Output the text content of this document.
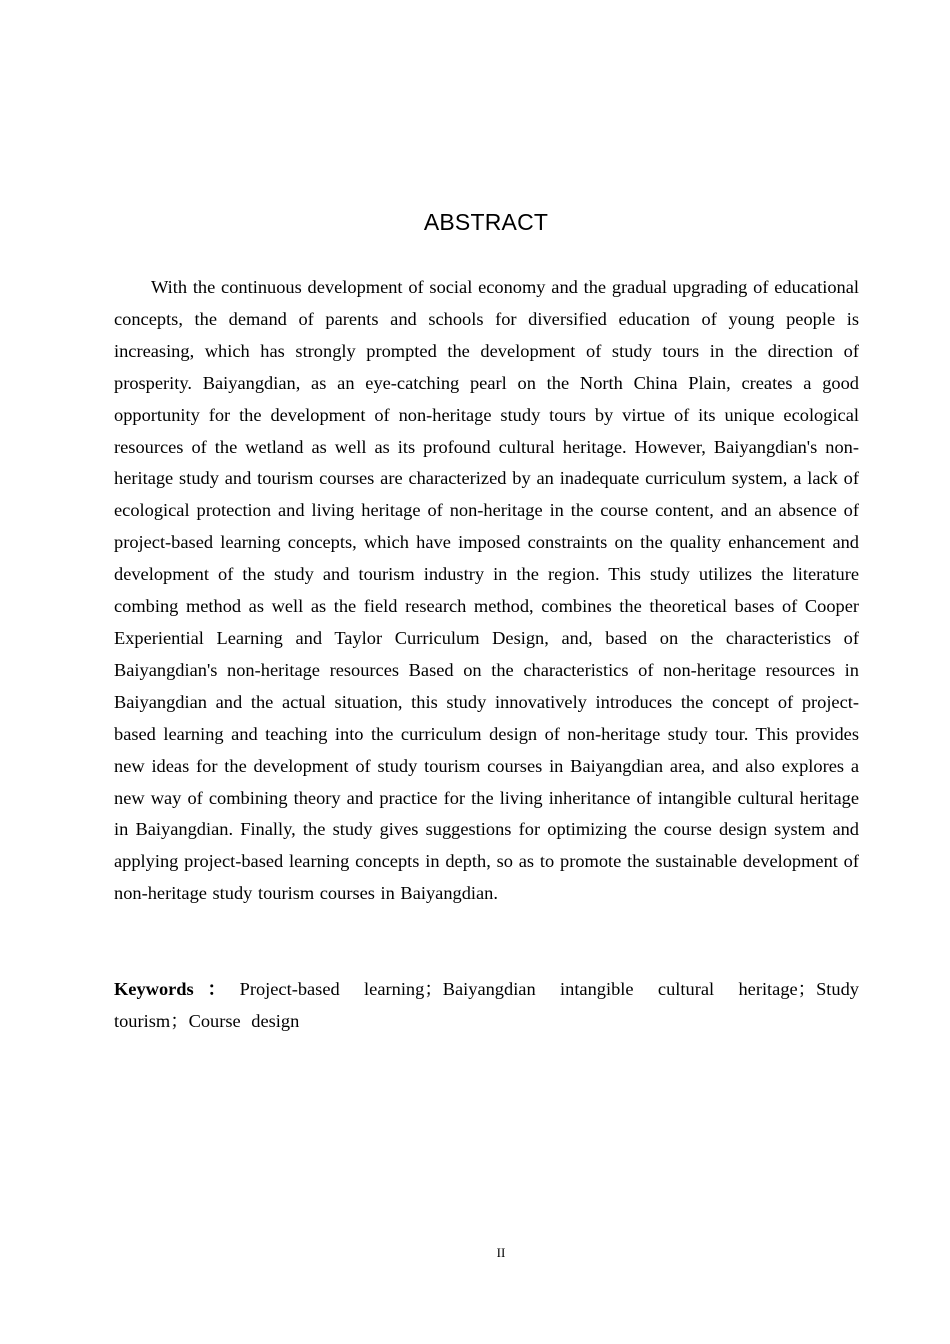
ABSTRACT

With the continuous development of social economy and the gradual upgrading of educational concepts, the demand of parents and schools for diversified education of young people is increasing, which has strongly prompted the development of study tours in the direction of prosperity. Baiyangdian, as an eye-catching pearl on the North China Plain, creates a good opportunity for the development of non-heritage study tours by virtue of its unique ecological resources of the wetland as well as its profound cultural heritage. However, Baiyangdian's non-heritage study and tourism courses are characterized by an inadequate curriculum system, a lack of ecological protection and living heritage of non-heritage in the course content, and an absence of project-based learning concepts, which have imposed constraints on the quality enhancement and development of the study and tourism industry in the region. This study utilizes the literature combing method as well as the field research method, combines the theoretical bases of Cooper Experiential Learning and Taylor Curriculum Design, and, based on the characteristics of Baiyangdian's non-heritage resources Based on the characteristics of non-heritage resources in Baiyangdian and the actual situation, this study innovatively introduces the concept of project-based learning and teaching into the curriculum design of non-heritage study tour. This provides new ideas for the development of study tourism courses in Baiyangdian area, and also explores a new way of combining theory and practice for the living inheritance of intangible cultural heritage in Baiyangdian. Finally, the study gives suggestions for optimizing the course design system and applying project-based learning concepts in depth, so as to promote the sustainable development of non-heritage study tourism courses in Baiyangdian.

Keywords：Project-based learning；Baiyangdian intangible cultural heritage；Study tourism；Course design

II
